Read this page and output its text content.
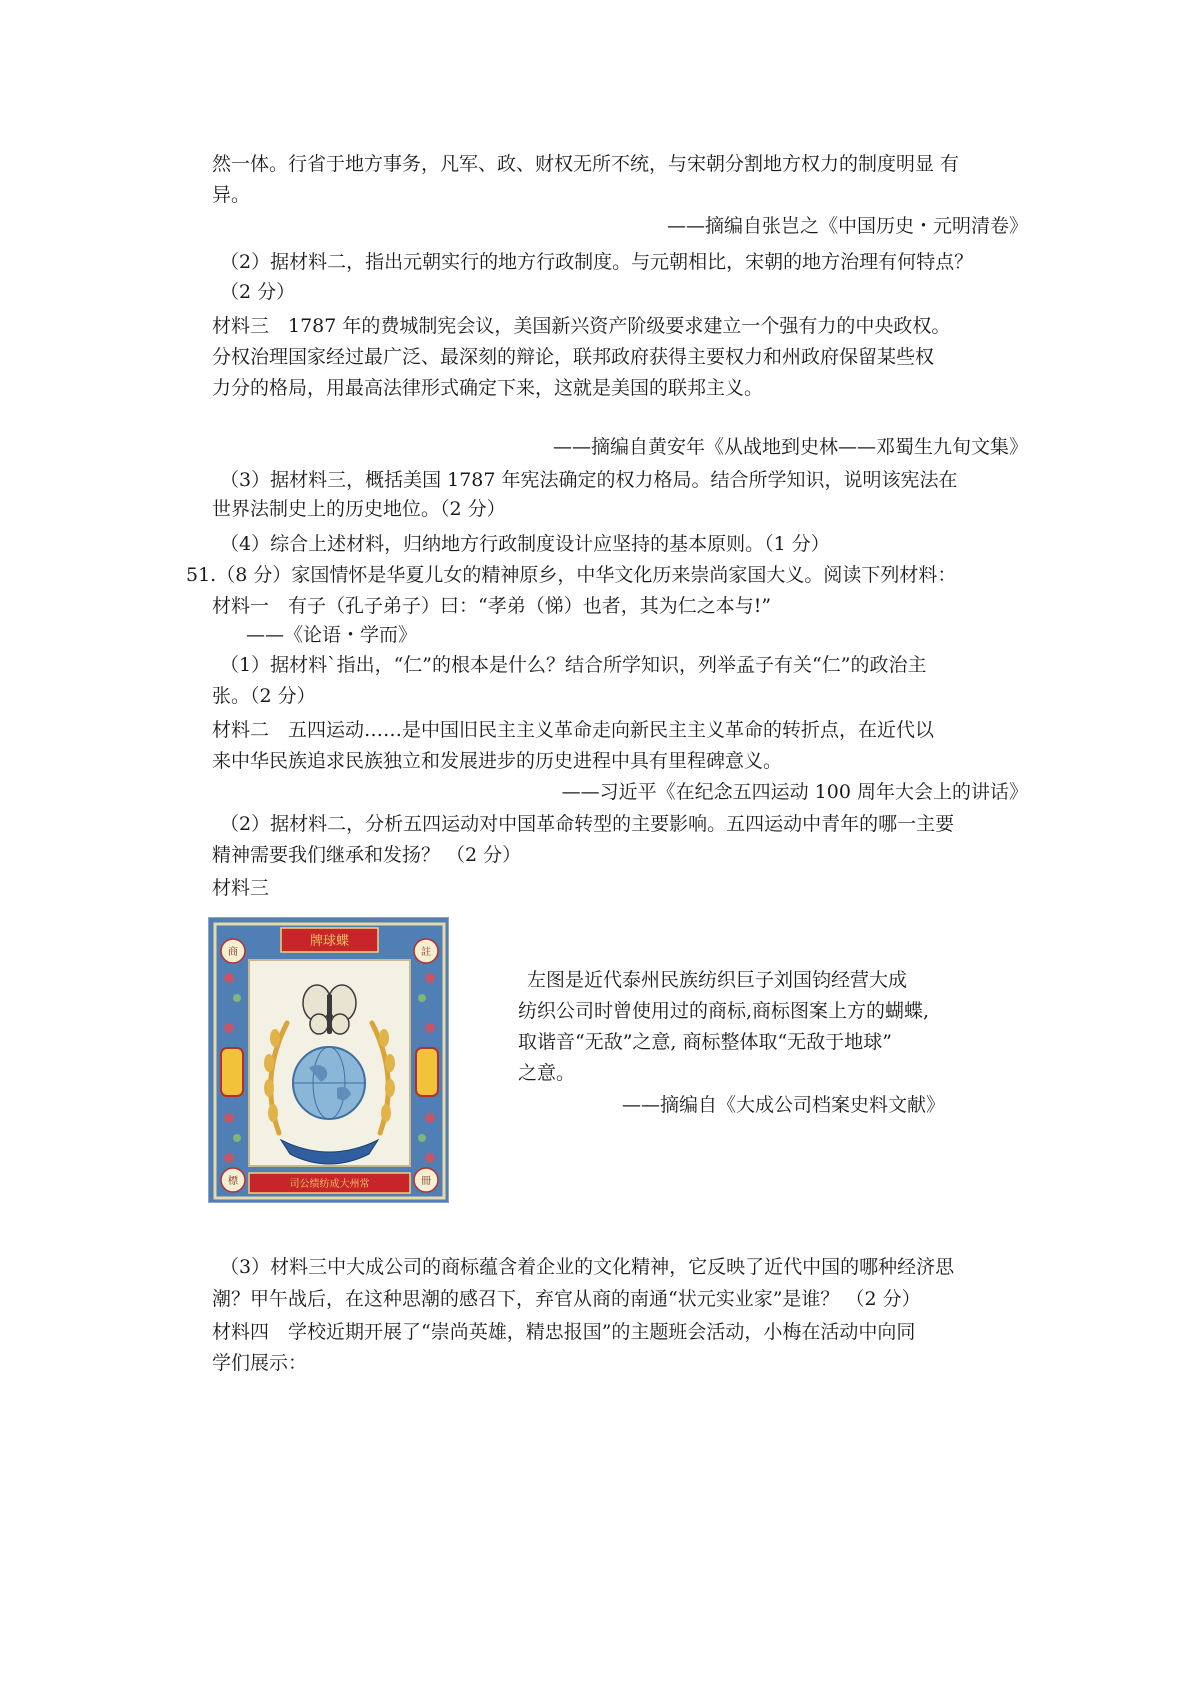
然一体。行省于地方事务，凡军、政、财权无所不统，与宋朝分割地方权力的制度明显 有
异。
——摘编自张岂之《中国历史・元明清卷》
（2）据材料二，指出元朝实行的地方行政制度。与元朝相比，宋朝的地方治理有何特点？
（2 分）
材料三　1787 年的费城制宪会议，美国新兴资产阶级要求建立一个强有力的中央政权。
分权治理国家经过最广泛、最深刻的辩论，联邦政府获得主要权力和州政府保留某些权
力分的格局，用最高法律形式确定下来，这就是美国的联邦主义。
——摘编自黄安年《从战地到史林——邓蜀生九旬文集》
（3）据材料三，概括美国 1787 年宪法确定的权力格局。结合所学知识，说明该宪法在
世界法制史上的历史地位。（2 分）
（4）综合上述材料，归纳地方行政制度设计应坚持的基本原则。（1 分）
51.（8 分）家国情怀是华夏儿女的精神原乡，中华文化历来崇尚家国大义。阅读下列材料：
材料一　有子（孔子弟子）曰：“孝弟（悌）也者，其为仁之本与!”
——《论语・学而》
（1）据材料`指出，“仁”的根本是什么？结合所学知识，列举孟子有关“仁”的政治主
张。（2 分）
材料二　五四运动……是中国旧民主主义革命走向新民主主义革命的转折点，在近代以
来中华民族追求民族独立和发展进步的历史进程中具有里程碑意义。
——习近平《在纪念五四运动 100 周年大会上的讲话》
（2）据材料二，分析五四运动对中国革命转型的主要影响。五四运动中青年的哪一主要
精神需要我们继承和发扬？ （2 分）
材料三
牌球蝶
司公绩纺成大州常
商	註
標	冊
左图是近代泰州民族纺织巨子刘国钧经营大成
纺织公司时曾使用过的商标,商标图案上方的蝴蝶,
取谐音“无敌”之意, 商标整体取“无敌于地球”
之意。
——摘编自《大成公司档案史料文献》
（3）材料三中大成公司的商标蕴含着企业的文化精神，它反映了近代中国的哪种经济思
潮？甲午战后，在这种思潮的感召下，弃官从商的南通“状元实业家”是谁？ （2 分）
材料四　学校近期开展了“崇尚英雄，精忠报国”的主题班会活动，小梅在活动中向同
学们展示：
